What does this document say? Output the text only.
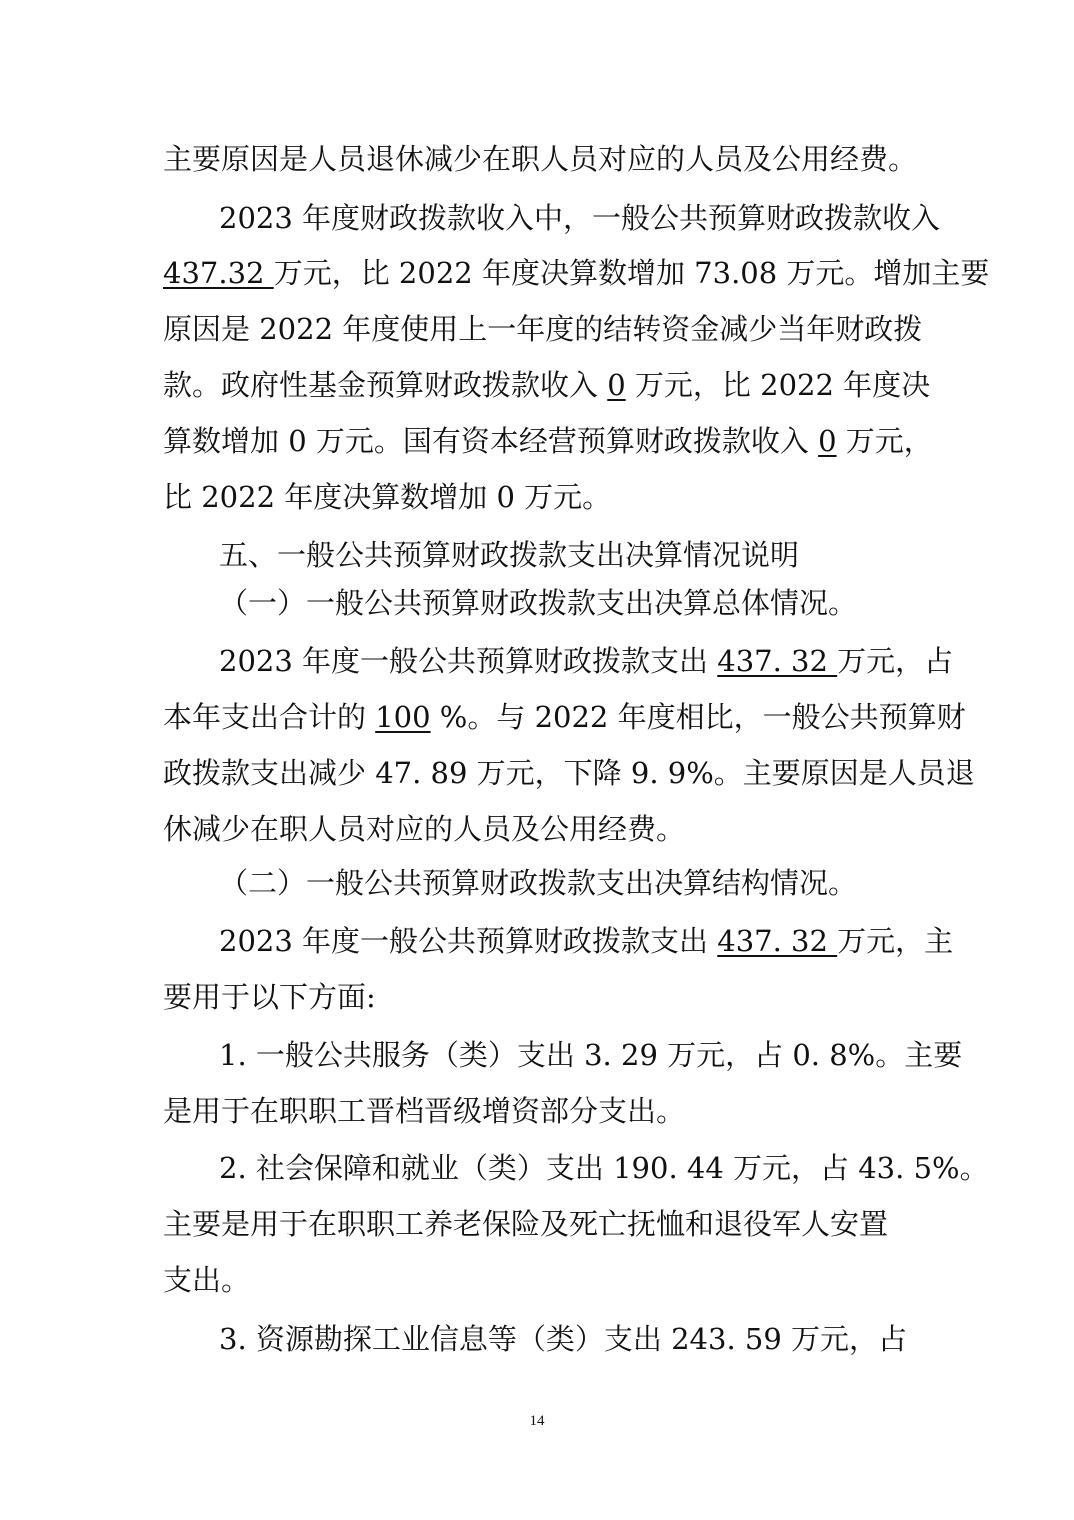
主要原因是人员退休减少在职人员对应的人员及公用经费。
2023 年度财政拨款收入中，一般公共预算财政拨款收入
437.32 万元，比 2022 年度决算数增加 73.08 万元。增加主要
原因是 2022 年度使用上一年度的结转资金减少当年财政拨
款。政府性基金预算财政拨款收入 0 万元，比 2022 年度决
算数增加 0 万元。国有资本经营预算财政拨款收入 0 万元，
比 2022 年度决算数增加 0 万元。
五、一般公共预算财政拨款支出决算情况说明
（一）一般公共预算财政拨款支出决算总体情况。
2023 年度一般公共预算财政拨款支出 437. 32 万元，占
本年支出合计的 100 %。与 2022 年度相比，一般公共预算财
政拨款支出减少 47. 89 万元，下降 9. 9%。主要原因是人员退
休减少在职人员对应的人员及公用经费。
（二）一般公共预算财政拨款支出决算结构情况。
2023 年度一般公共预算财政拨款支出 437. 32 万元，主
要用于以下方面:
1. 一般公共服务（类）支出 3. 29 万元，占 0. 8%。主要
是用于在职职工晋档晋级增资部分支出。
2. 社会保障和就业（类）支出 190. 44 万元，占 43. 5%。
主要是用于在职职工养老保险及死亡抚恤和退役军人安置
支出。
3. 资源勘探工业信息等（类）支出 243. 59 万元，占
14
